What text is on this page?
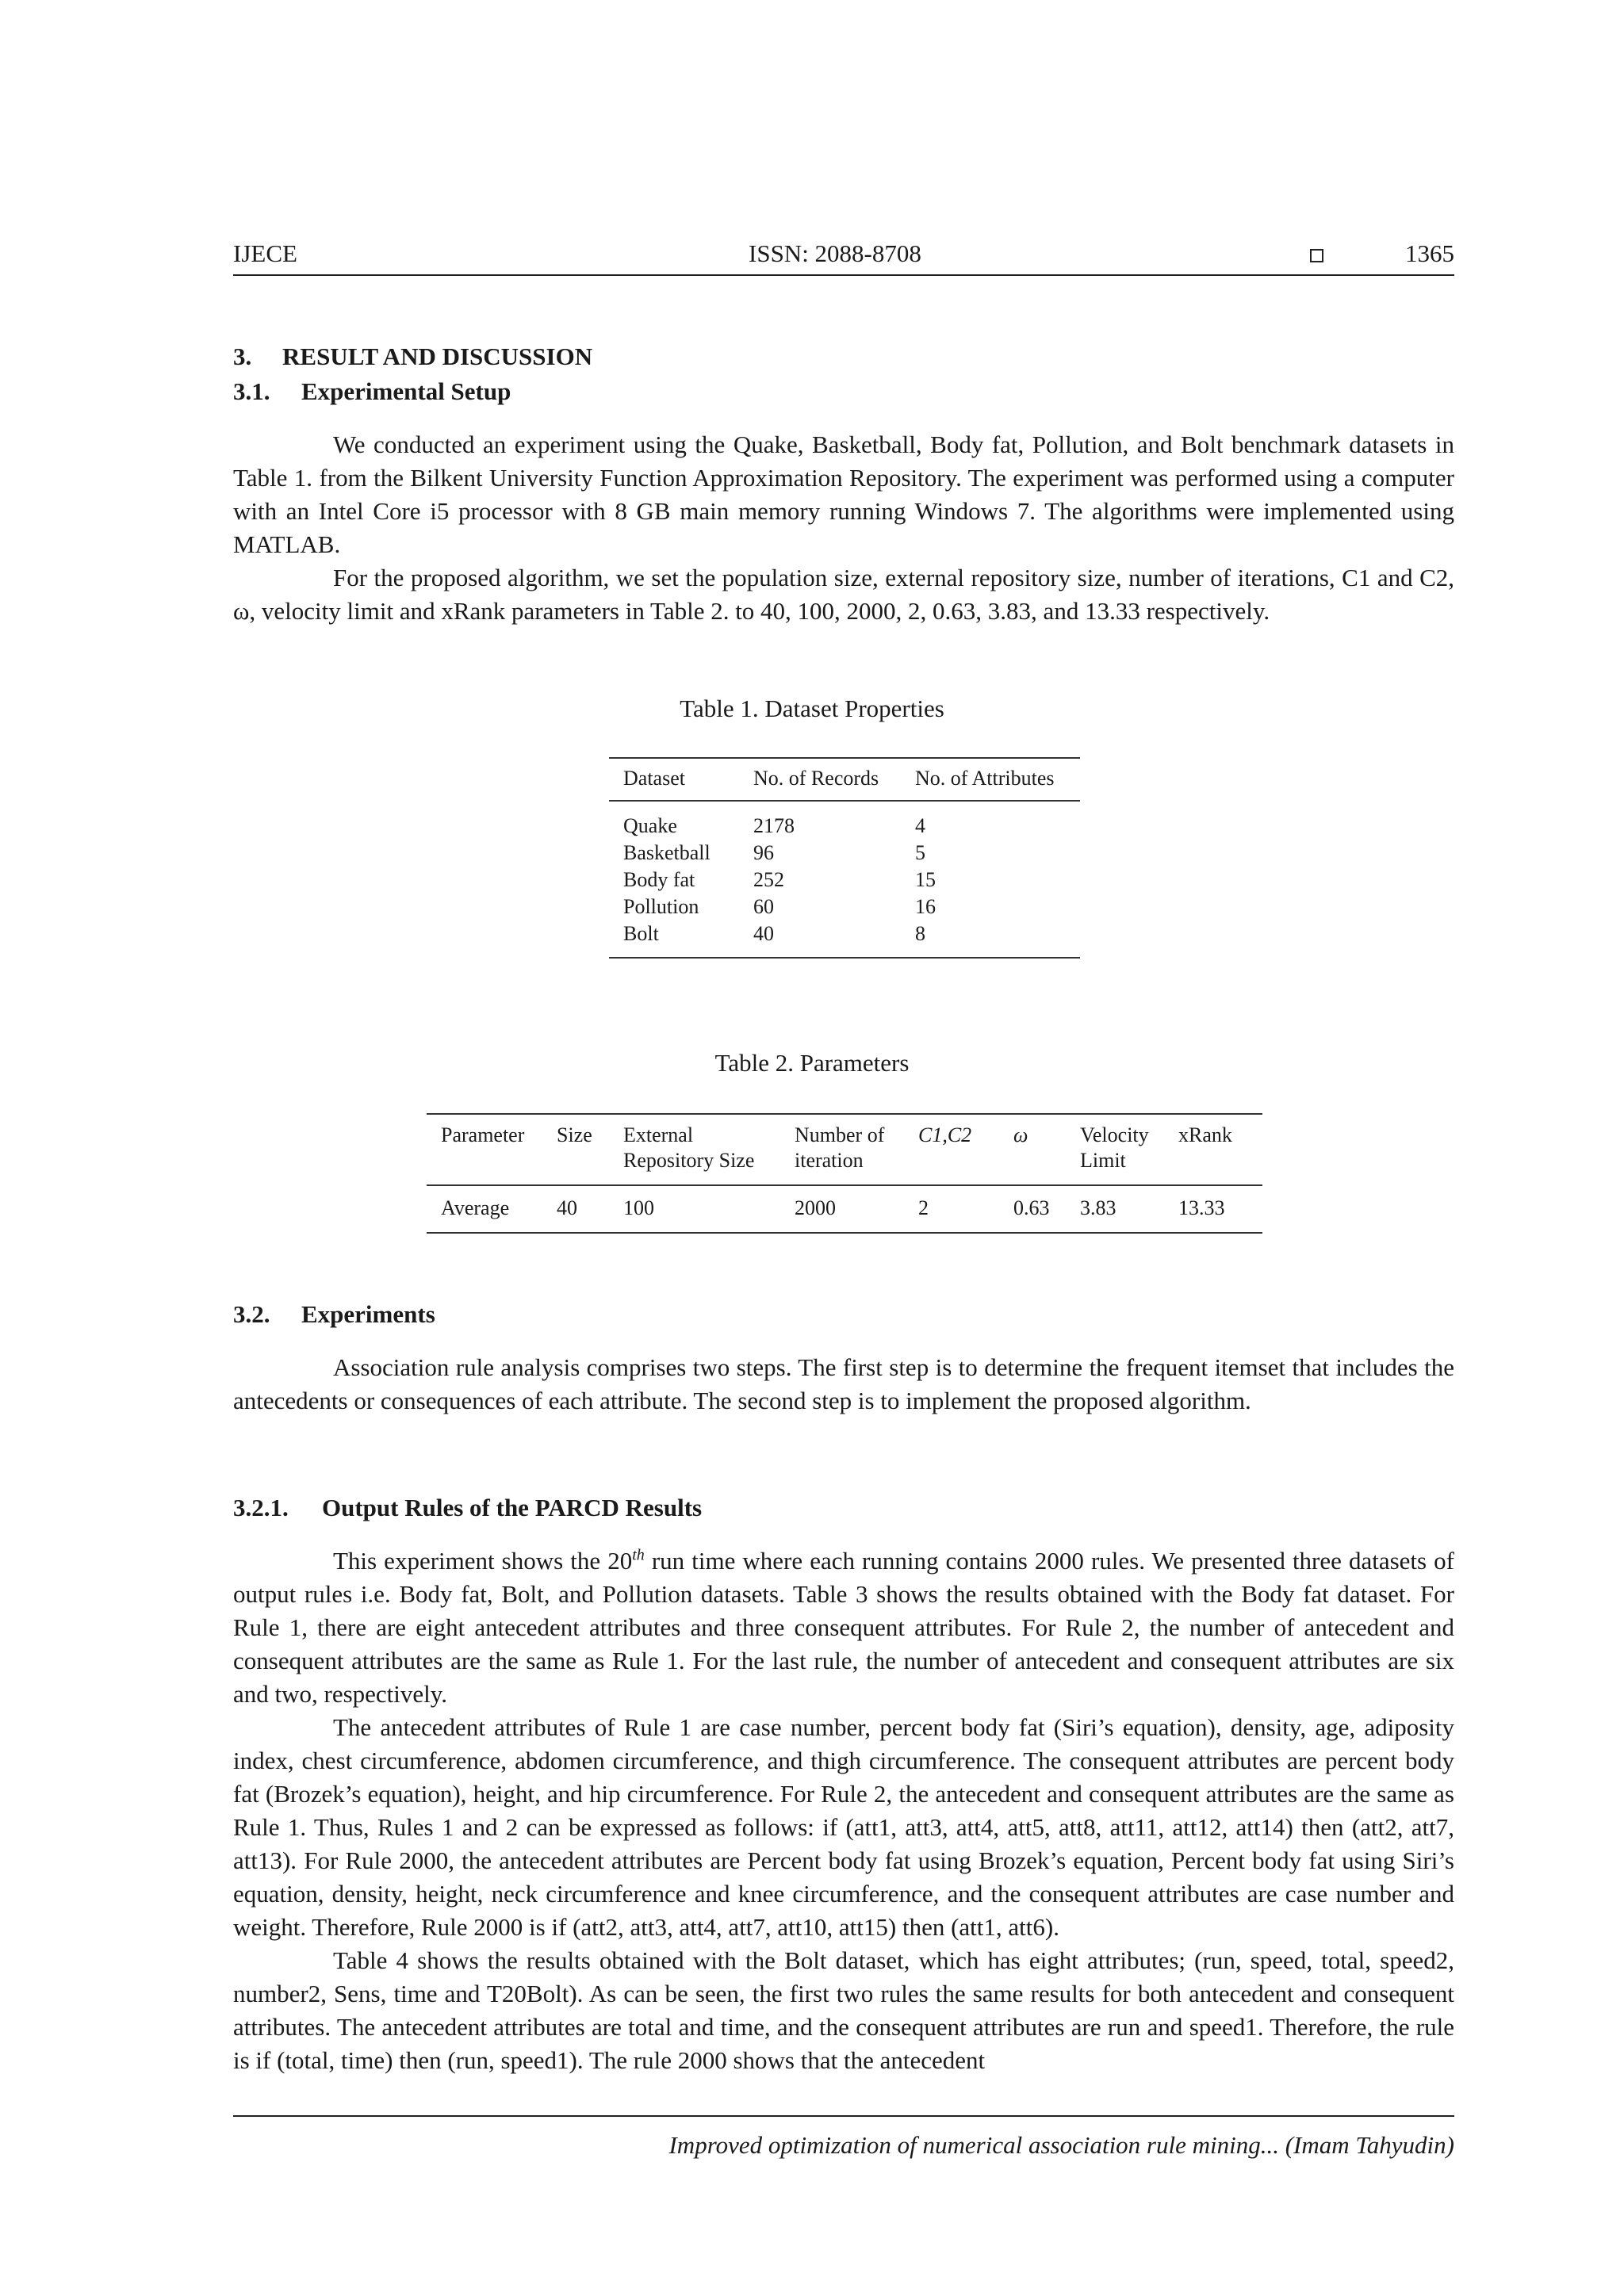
IJECE	ISSN: 2088-8708	1365
3. RESULT AND DISCUSSION
3.1. Experimental Setup

We conducted an experiment using the Quake, Basketball, Body fat, Pollution, and Bolt benchmark datasets in Table 1. from the Bilkent University Function Approximation Repository. The experiment was performed using a computer with an Intel Core i5 processor with 8 GB main memory running Windows 7. The algorithms were implemented using MATLAB.

For the proposed algorithm, we set the population size, external repository size, number of iterations, C1 and C2, ω, velocity limit and xRank parameters in Table 2. to 40, 100, 2000, 2, 0.63, 3.83, and 13.33 respectively.

Table 1. Dataset Properties
Dataset	No. of Records	No. of Attributes

Quake	2178	4
Basketball	96	5
Body fat	252	15
Pollution	60	16
Bolt	40	8
Table 2. Parameters
Parameter	Size	External Repository Size	Number of iteration	C1,C2	ω	Velocity Limit	xRank
Average	40	100	2000	2	0.63	3.83	13.33
3.2. Experiments

Association rule analysis comprises two steps. The first step is to determine the frequent itemset that includes the antecedents or consequences of each attribute. The second step is to implement the proposed algorithm.

3.2.1. Output Rules of the PARCD Results

This experiment shows the 20th run time where each running contains 2000 rules. We presented three datasets of output rules i.e. Body fat, Bolt, and Pollution datasets. Table 3 shows the results obtained with the Body fat dataset. For Rule 1, there are eight antecedent attributes and three consequent attributes. For Rule 2, the number of antecedent and consequent attributes are the same as Rule 1. For the last rule, the number of antecedent and consequent attributes are six and two, respectively.

The antecedent attributes of Rule 1 are case number, percent body fat (Siri’s equation), density, age, adiposity index, chest circumference, abdomen circumference, and thigh circumference. The consequent attributes are percent body fat (Brozek’s equation), height, and hip circumference. For Rule 2, the antecedent and consequent attributes are the same as Rule 1. Thus, Rules 1 and 2 can be expressed as follows: if (att1, att3, att4, att5, att8, att11, att12, att14) then (att2, att7, att13). For Rule 2000, the antecedent attributes are Percent body fat using Brozek’s equation, Percent body fat using Siri’s equation, density, height, neck circumference and knee circumference, and the consequent attributes are case number and weight. Therefore, Rule 2000 is if (att2, att3, att4, att7, att10, att15) then (att1, att6).

Table 4 shows the results obtained with the Bolt dataset, which has eight attributes; (run, speed, total, speed2, number2, Sens, time and T20Bolt). As can be seen, the first two rules the same results for both antecedent and consequent attributes. The antecedent attributes are total and time, and the consequent attributes are run and speed1. Therefore, the rule is if (total, time) then (run, speed1). The rule 2000 shows that the antecedent

Improved optimization of numerical association rule mining... (Imam Tahyudin)
